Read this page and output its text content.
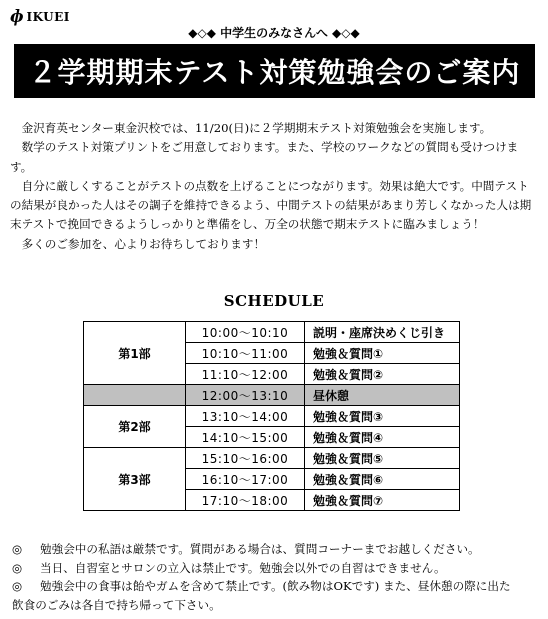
ɸ IKUEI
◆◇◆ 中学生のみなさんへ ◆◇◆
２学期期末テスト対策勉強会のご案内

金沢育英センター東金沢校では、11/20(日)に２学期期末テスト対策勉強会を実施します。

数学のテスト対策プリントをご用意しております。また、学校のワークなどの質問も受けつけます。

自分に厳しくすることがテストの点数を上げることにつながります。効果は絶大です。中間テストの結果が良かった人はその調子を維持できるよう、中間テストの結果があまり芳しくなかった人は期末テストで挽回できるようしっかりと準備をし、万全の状態で期末テストに臨みましょう！

多くのご参加を、心よりお待ちしております！

SCHEDULE
第1部	10:00～10:10	説明・座席決めくじ引き
	10:10～11:00	勉強＆質問①
	11:10～12:00	勉強＆質問②
	12:00～13:10	昼休憩
第2部	13:10～14:00	勉強＆質問③
	14:10～15:00	勉強＆質問④
第3部	15:10～16:00	勉強＆質問⑤
	16:10～17:00	勉強＆質問⑥
	17:10～18:00	勉強＆質問⑦
◎	勉強会中の私語は厳禁です。質問がある場合は、質問コーナーまでお越しください。
◎	当日、自習室とサロンの立入は禁止です。勉強会以外での自習はできません。
◎	勉強会中の食事は飴やガムを含めて禁止です。(飲み物はOKです) また、昼休憩の際に出た
飲食のごみは各自で持ち帰って下さい。
